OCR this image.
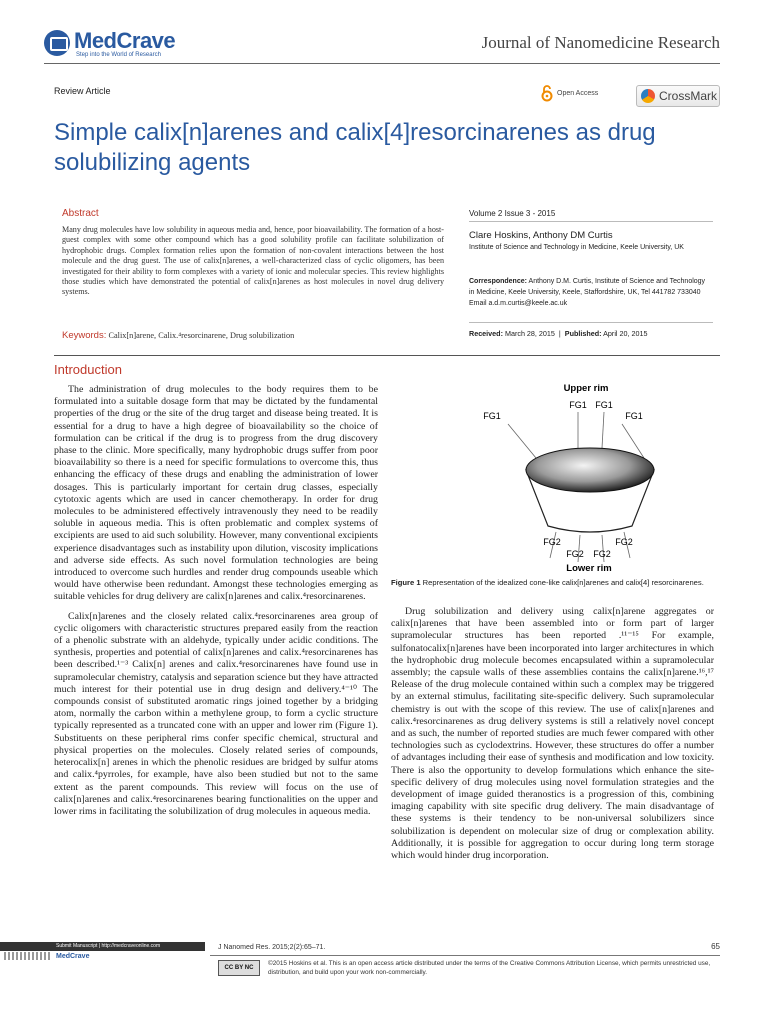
MedCrave
Step into the World of Research
Journal of Nanomedicine Research
Review Article	Open Access	CrossMark
Simple calix[n]arenes and calix[4]resorcinarenes as drug solubilizing agents
Abstract
Many drug molecules have low solubility in aqueous media and, hence, poor bioavailability. The formation of a host-guest complex with some other compound which has a good solubility profile can facilitate solubilization of hydrophobic drugs. Complex formation relies upon the formation of non-covalent interactions between the host molecule and the drug guest. The use of calix[n]arenes, a well-characterized class of cyclic oligomers, has been investigated for their ability to form complexes with a variety of ionic and molecular species. This review highlights those studies which have demonstrated the potential of calix[n]arenes as host molecules in novel drug delivery systems.
Keywords: Calix[n]arene, Calix.⁴resorcinarene, Drug solubilization
Volume 2 Issue 3 - 2015
Clare Hoskins, Anthony DM Curtis
Institute of Science and Technology in Medicine, Keele University, UK
Correspondence: Anthony D.M. Curtis, Institute of Science and Technology in Medicine, Keele University, Keele, Staffordshire, UK, Tel 441782 733040
Email a.d.m.curtis@keele.ac.uk
Received: March 28, 2015  |  Published: April 20, 2015
Introduction

The administration of drug molecules to the body requires them to be formulated into a suitable dosage form that may be dictated by the fundamental properties of the drug or the site of the drug target and disease being treated. It is essential for a drug to have a high degree of bioavailability so the choice of formulation can be critical if the drug is to progress from the drug discovery phase to the clinic. More specifically, many hydrophobic drugs suffer from poor bioavailability so there is a need for specific formulations to overcome this, thus enhancing the efficacy of these drugs and enabling the administration of lower dosages. This is particularly important for certain drug classes, especially cytotoxic agents which are used in cancer chemotherapy. In order for drug molecules to be administered effectively intravenously they need to be readily soluble in aqueous media. This is often problematic and complex systems of excipients are used to aid such solubility. However, many conventional excipients experience disadvantages such as instability upon dilution, viscosity implications and adverse side effects. As such novel formulation technologies are being introduced to overcome such hurdles and render drug compounds useable which would have otherwise been redundant. Amongst these technologies emerging as suitable vehicles for drug delivery are calix[n]arenes and calix.⁴resorcinarenes.

Calix[n]arenes and the closely related calix.⁴resorcinarenes area group of cyclic oligomers with characteristic structures prepared easily from the reaction of a phenolic substrate with an aldehyde, typically under acidic conditions. The synthesis, properties and potential of calix[n]arenes and calix.⁴resorcinarenes has been described.¹⁻³ Calix[n] arenes and calix.⁴resorcinarenes have found use in supramolecular chemistry, catalysis and separation science but they have attracted much interest for their potential use in drug design and delivery.⁴⁻¹⁰ The compounds consist of substituted aromatic rings joined together by a bridging atom, normally the carbon within a methylene group, to form a cyclic structure typically represented as a truncated cone with an upper and lower rim (Figure 1). Substituents on these peripheral rims confer specific chemical, structural and physical properties on the molecules. Closely related series of compounds, heterocalix[n] arenes in which the phenolic residues are bridged by sulfur atoms and calix.⁴pyrroles, for example, have also been studied but not to the same extent as the parent compounds. This review will focus on the use of calix[n]arenes and calix.⁴resorcinarenes bearing functionalities on the upper and lower rims in facilitating the solubilization of drug molecules in aqueous media.

Upper rim
FG1
FG1 FG1
FG1
FG2
FG2 FG2
FG2
Lower rim
Figure 1 Representation of the idealized cone-like calix[n]arenes and calix[4] resorcinarenes.

Drug solubilization and delivery using calix[n]arene aggregates or calix[n]arenes that have been assembled into or form part of larger supramolecular structures has been reported .¹¹⁻¹⁵ For example, sulfonatocalix[n]arenes have been incorporated into larger architectures in which the hydrophobic drug molecule becomes encapsulated within a supramolecular assembly; the capsule walls of these assemblies contains the calix[n]arene.¹⁶,¹⁷ Release of the drug molecule contained within such a complex may be triggered by an external stimulus, facilitating site-specific delivery. Such supramolecular chemistry is out with the scope of this review. The use of calix[n]arenes and calix.⁴resorcinarenes as drug delivery systems is still a relatively novel concept and as such, the number of reported studies are much fewer compared with other technologies such as cyclodextrins. However, these structures do offer a number of advantages including their ease of synthesis and modification and low toxicity. There is also the opportunity to develop formulations which enhance the site-specific delivery of drug molecules using novel formulation strategies and the development of image guided theranostics is a progression of this, combining imaging capability with site specific drug delivery. The main disadvantage of these systems is their tendency to be non-universal solubilizers since solubilization is dependent on molecular size of drug or complexation ability. Additionally, it is possible for aggregation to occur during long term storage which would hinder drug incorporation.

Submit Manuscript | http://medcraveonline.com
MedCrave
J Nanomed Res. 2015;2(2):65–71.	65
CC BY NC
©2015 Hoskins et al. This is an open access article distributed under the terms of the Creative Commons Attribution License, which permits unrestricted use, distribution, and build upon your work non-commercially.
